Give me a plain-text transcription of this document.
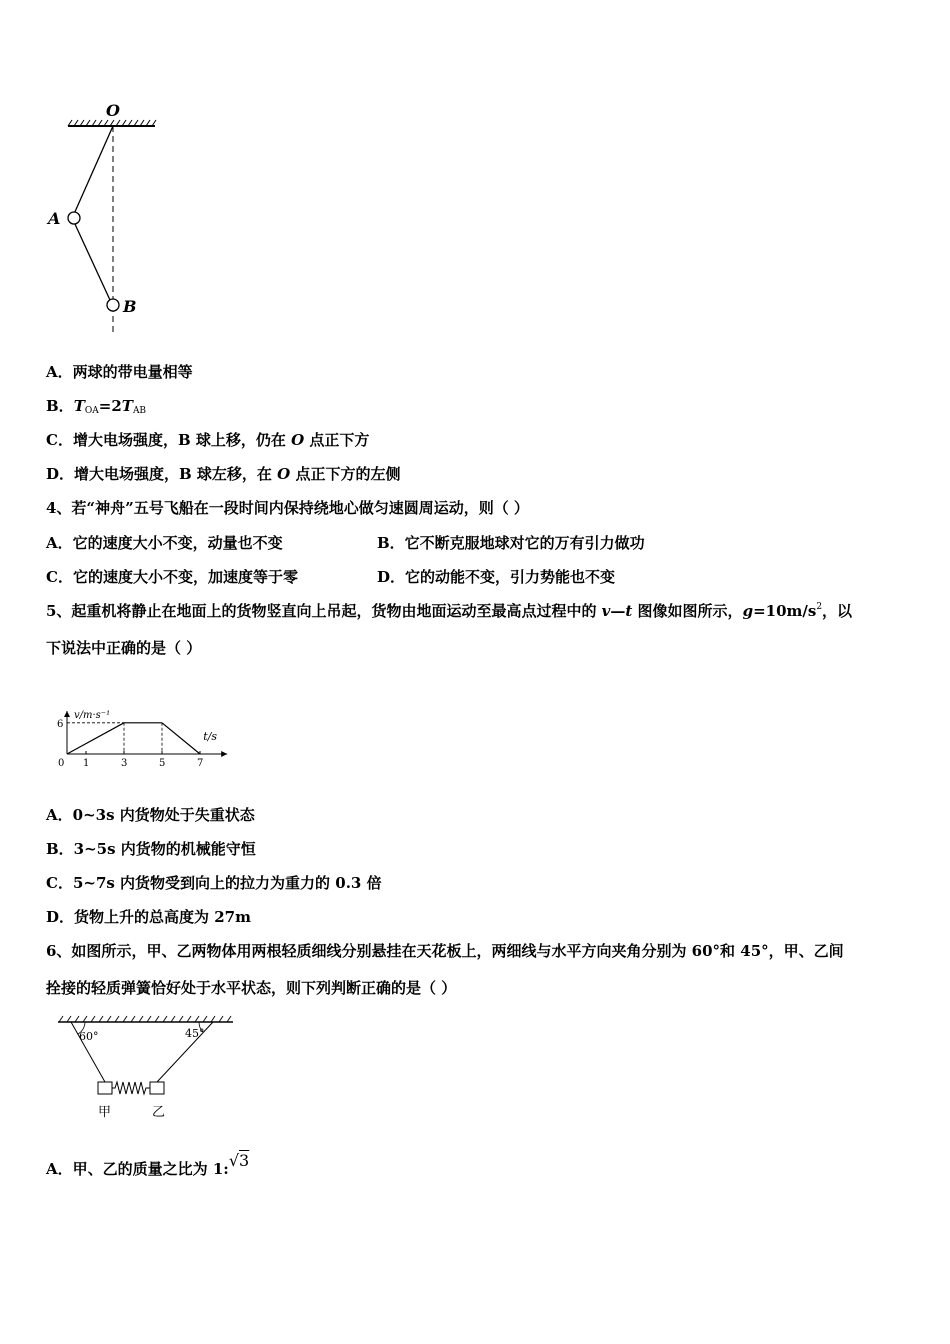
O
A
B
A．两球的带电量相等
B．$T_{OA}=2T_{AB}$
C．增大电场强度，B 球上移，仍在 O 点正下方
D．增大电场强度，B 球左移，在 O 点正下方的左侧
4、若“神舟”五号飞船在一段时间内保持绕地心做匀速圆周运动，则（ ）
A．它的速度大小不变，动量也不变	B．它不断克服地球对它的万有引力做功
C．它的速度大小不变，加速度等于零	D．它的动能不变，引力势能也不变
5、起重机将静止在地面上的货物竖直向上吊起，货物由地面运动至最高点过程中的 v—t 图像如图所示，$g=10m/s^2$，以
下说法中正确的是（ ）
v/m·s⁻¹
t/s
0 1	3	5	7
6
A．0~3s 内货物处于失重状态
B．3~5s 内货物的机械能守恒
C．5~7s 内货物受到向上的拉力为重力的 0.3 倍
D．货物上升的总高度为 27m
6、如图所示，甲、乙两物体用两根轻质细线分别悬挂在天花板上，两细线与水平方向夹角分别为 60°和 45°，甲、乙间
拴接的轻质弹簧恰好处于水平状态，则下列判断正确的是（ ）
60°	45°
甲	乙
A．甲、乙的质量之比为 1:√3
